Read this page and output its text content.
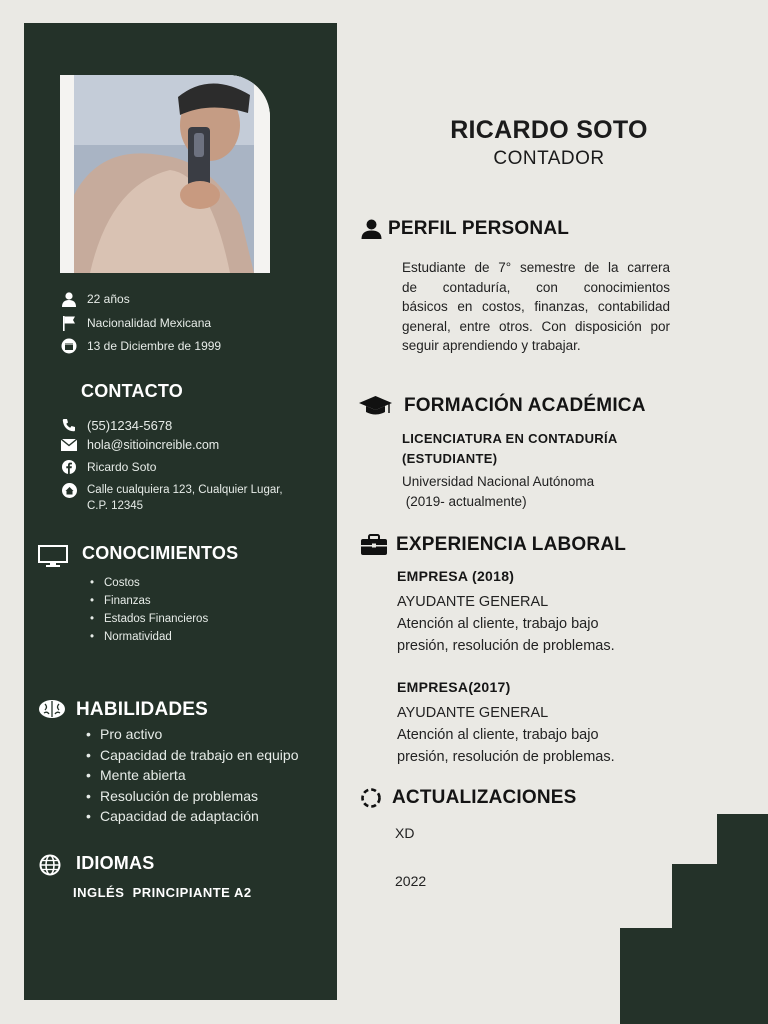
22 años
Nacionalidad Mexicana
13 de Diciembre de 1999
CONTACTO
(55)1234-5678
hola@sitioincreible.com
Ricardo Soto
Calle cualquiera 123, Cualquier Lugar,
C.P. 12345
CONOCIMIENTOS
• Costos
• Finanzas
• Estados Financieros
• Normatividad
HABILIDADES
• Pro activo
• Capacidad de trabajo en equipo
• Mente abierta
• Resolución de problemas
• Capacidad de adaptación
IDIOMAS
INGLÉS  PRINCIPIANTE A2
RICARDO SOTO
CONTADOR
PERFIL PERSONAL
Estudiante de 7° semestre de la carrera
de contaduría, con conocimientos
básicos en costos, finanzas, contabilidad
general, entre otros. Con disposición por
seguir aprendiendo y trabajar.
FORMACIÓN ACADÉMICA
LICENCIATURA EN CONTADURÍA
(ESTUDIANTE)
Universidad Nacional Autónoma
(2019- actualmente)
EXPERIENCIA LABORAL
EMPRESA (2018)
AYUDANTE GENERAL
Atención al cliente, trabajo bajo
presión, resolución de problemas.
EMPRESA(2017)
AYUDANTE GENERAL
Atención al cliente, trabajo bajo
presión, resolución de problemas.
ACTUALIZACIONES
XD
2022
